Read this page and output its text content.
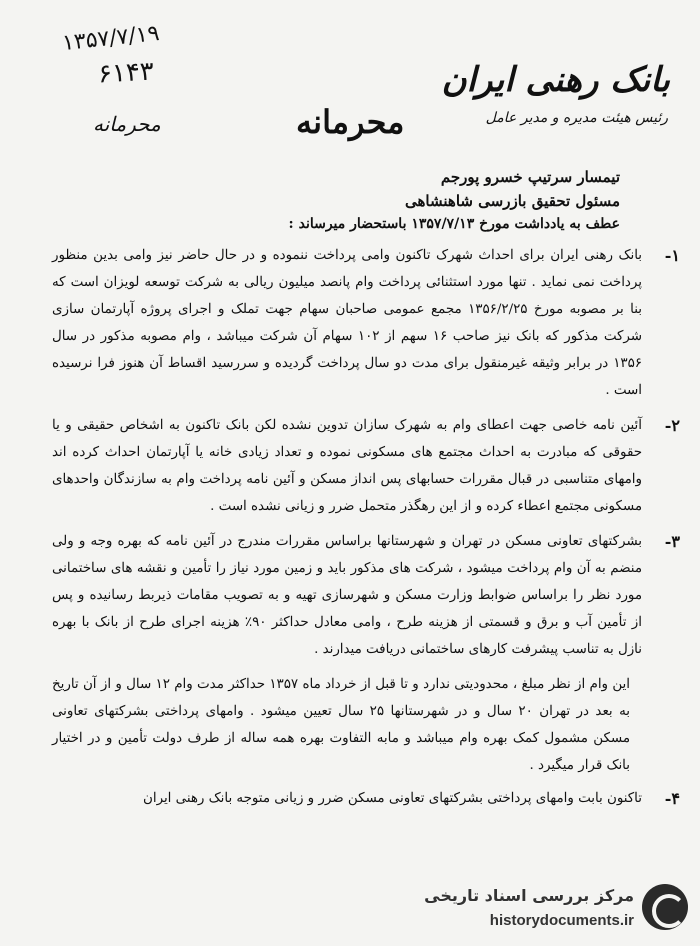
۱۳۵۷/۷/۱۹
۶۱۴۳
محرمانه	محرمانه
بانک رهنی ایران
رئیس هیئت مدیره و مدیر عامل
تیمسار سرتیپ خسرو پورجم
مسئول تحقیق بازرسی شاهنشاهی
عطف به یادداشت مورخ ۱۳۵۷/۷/۱۳ باستحضار میرساند :
۱-
بانک رهنی ایران برای احداث شهرک تاکنون وامی پرداخت ننموده و در حال حاضر نیز وامی بدین منظور پرداخت نمی نماید . تنها مورد استثنائی پرداخت وام پانصد میلیون ریالی به شرکت توسعه لویزان است که بنا بر مصوبه مورخ ۱۳۵۶/۲/۲۵ مجمع عمومی صاحبان سهام جهت تملک و اجرای پروژه آپارتمان سازی شرکت مذکور که بانک نیز صاحب ۱۶ سهم از ۱۰۲ سهام آن شرکت میباشد ، وام مصوبه مذکور در سال ۱۳۵۶ در برابر وثیقه غیرمنقول برای مدت دو سال پرداخت گردیده و سررسید اقساط آن هنوز فرا نرسیده است .
۲-
آئین نامه خاصی جهت اعطای وام به شهرک سازان تدوین نشده لکن بانک تاکنون به اشخاص حقیقی و یا حقوقی که مبادرت به احداث مجتمع های مسکونی نموده و تعداد زیادی خانه یا آپارتمان احداث کرده اند وامهای متناسبی در قبال مقررات حسابهای پس انداز مسکن و آئین نامه پرداخت وام به سازندگان واحدهای مسکونی مجتمع اعطاء کرده و از این رهگذر متحمل ضرر و زیانی نشده است .
۳-
بشرکتهای تعاونی مسکن در تهران و شهرستانها براساس مقررات مندرج در آئین نامه که بهره وجه و ولی منضم به آن وام پرداخت میشود ، شرکت های مذکور باید و زمین مورد نیاز را تأمین و نقشه های ساختمانی مورد نظر را براساس ضوابط وزارت مسکن و شهرسازی تهیه و به تصویب مقامات ذیربط رسانیده و پس از تأمین آب و برق و قسمتی از هزینه طرح ، وامی معادل حداکثر ۹۰٪ هزینه اجرای طرح از بانک با بهره نازل به تناسب پیشرفت کارهای ساختمانی دریافت میدارند .
این وام از نظر مبلغ ، محدودیتی ندارد و تا قبل از خرداد ماه ۱۳۵۷ حداکثر مدت وام ۱۲ سال و از آن تاریخ به بعد در تهران ۲۰ سال و در شهرستانها ۲۵ سال تعیین میشود . وامهای پرداختی بشرکتهای تعاونی مسکن مشمول کمک بهره وام میباشد و مابه التفاوت بهره همه ساله از طرف دولت تأمین و در اختیار بانک قرار میگیرد .
۴-
تاکنون بابت وامهای پرداختی بشرکتهای تعاونی مسکن ضرر و زیانی متوجه بانک رهنی ایران
مرکز بررسی اسناد تاریخی
historydocuments.ir
